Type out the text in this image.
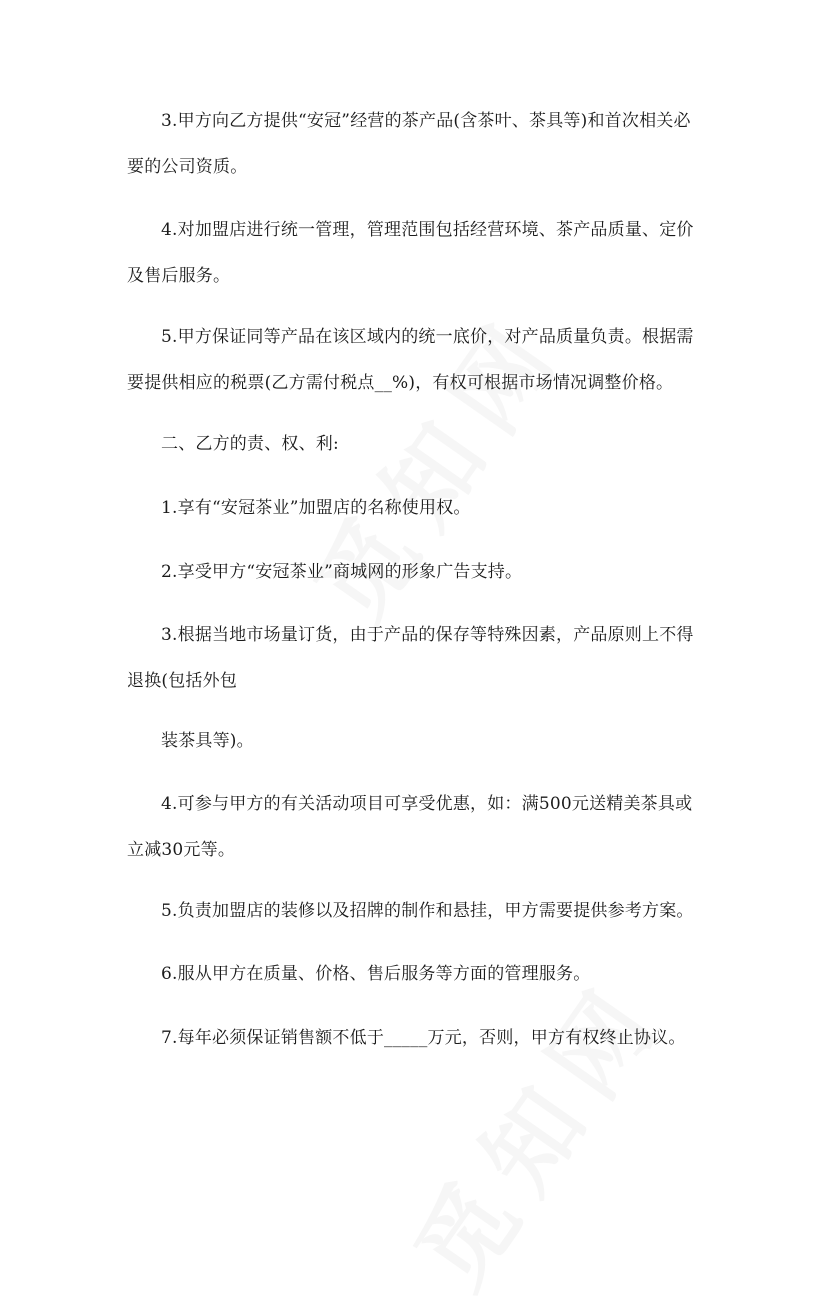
3.甲方向乙方提供“安冠”经营的茶产品(含茶叶、茶具等)和首次相关必要的公司资质。

4.对加盟店进行统一管理，管理范围包括经营环境、茶产品质量、定价及售后服务。

5.甲方保证同等产品在该区域内的统一底价，对产品质量负责。根据需要提供相应的税票(乙方需付税点__%)，有权可根据市场情况调整价格。

二、乙方的责、权、利:

1.享有“安冠茶业”加盟店的名称使用权。

2.享受甲方“安冠茶业”商城网的形象广告支持。

3.根据当地市场量订货，由于产品的保存等特殊因素，产品原则上不得退换(包括外包

装茶具等)。

4.可参与甲方的有关活动项目可享受优惠，如：满500元送精美茶具或立减30元等。

5.负责加盟店的装修以及招牌的制作和悬挂，甲方需要提供参考方案。

6.服从甲方在质量、价格、售后服务等方面的管理服务。

7.每年必须保证销售额不低于_____万元，否则，甲方有权终止协议。
